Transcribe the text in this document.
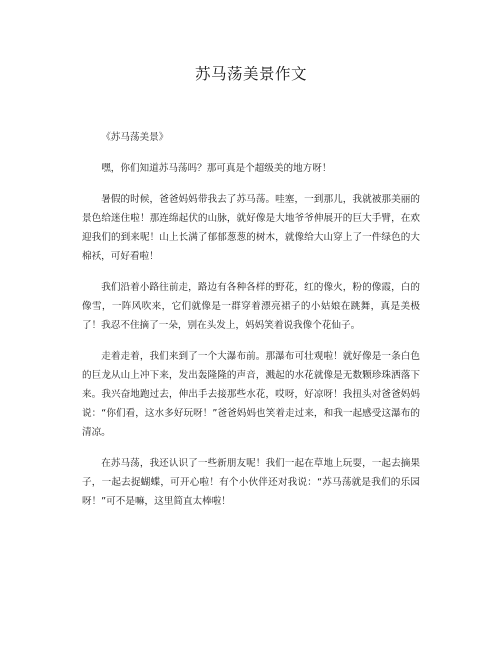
苏马荡美景作文

《苏马荡美景》

嘿，你们知道苏马荡吗？那可真是个超级美的地方呀！

暑假的时候，爸爸妈妈带我去了苏马荡。哇塞，一到那儿，我就被那美丽的景色给迷住啦！那连绵起伏的山脉，就好像是大地爷爷伸展开的巨大手臂，在欢迎我们的到来呢！山上长满了郁郁葱葱的树木，就像给大山穿上了一件绿色的大棉袄，可好看啦！

我们沿着小路往前走，路边有各种各样的野花，红的像火，粉的像霞，白的像雪，一阵风吹来，它们就像是一群穿着漂亮裙子的小姑娘在跳舞，真是美极了！我忍不住摘了一朵，别在头发上，妈妈笑着说我像个花仙子。

走着走着，我们来到了一个大瀑布前。那瀑布可壮观啦！就好像是一条白色的巨龙从山上冲下来，发出轰隆隆的声音，溅起的水花就像是无数颗珍珠洒落下来。我兴奋地跑过去，伸出手去接那些水花，哎呀，好凉呀！我扭头对爸爸妈妈说：“你们看，这水多好玩呀！”爸爸妈妈也笑着走过来，和我一起感受这瀑布的清凉。

在苏马荡，我还认识了一些新朋友呢！我们一起在草地上玩耍，一起去摘果子，一起去捉蝴蝶，可开心啦！有个小伙伴还对我说：“苏马荡就是我们的乐园呀！”可不是嘛，这里简直太棒啦！
